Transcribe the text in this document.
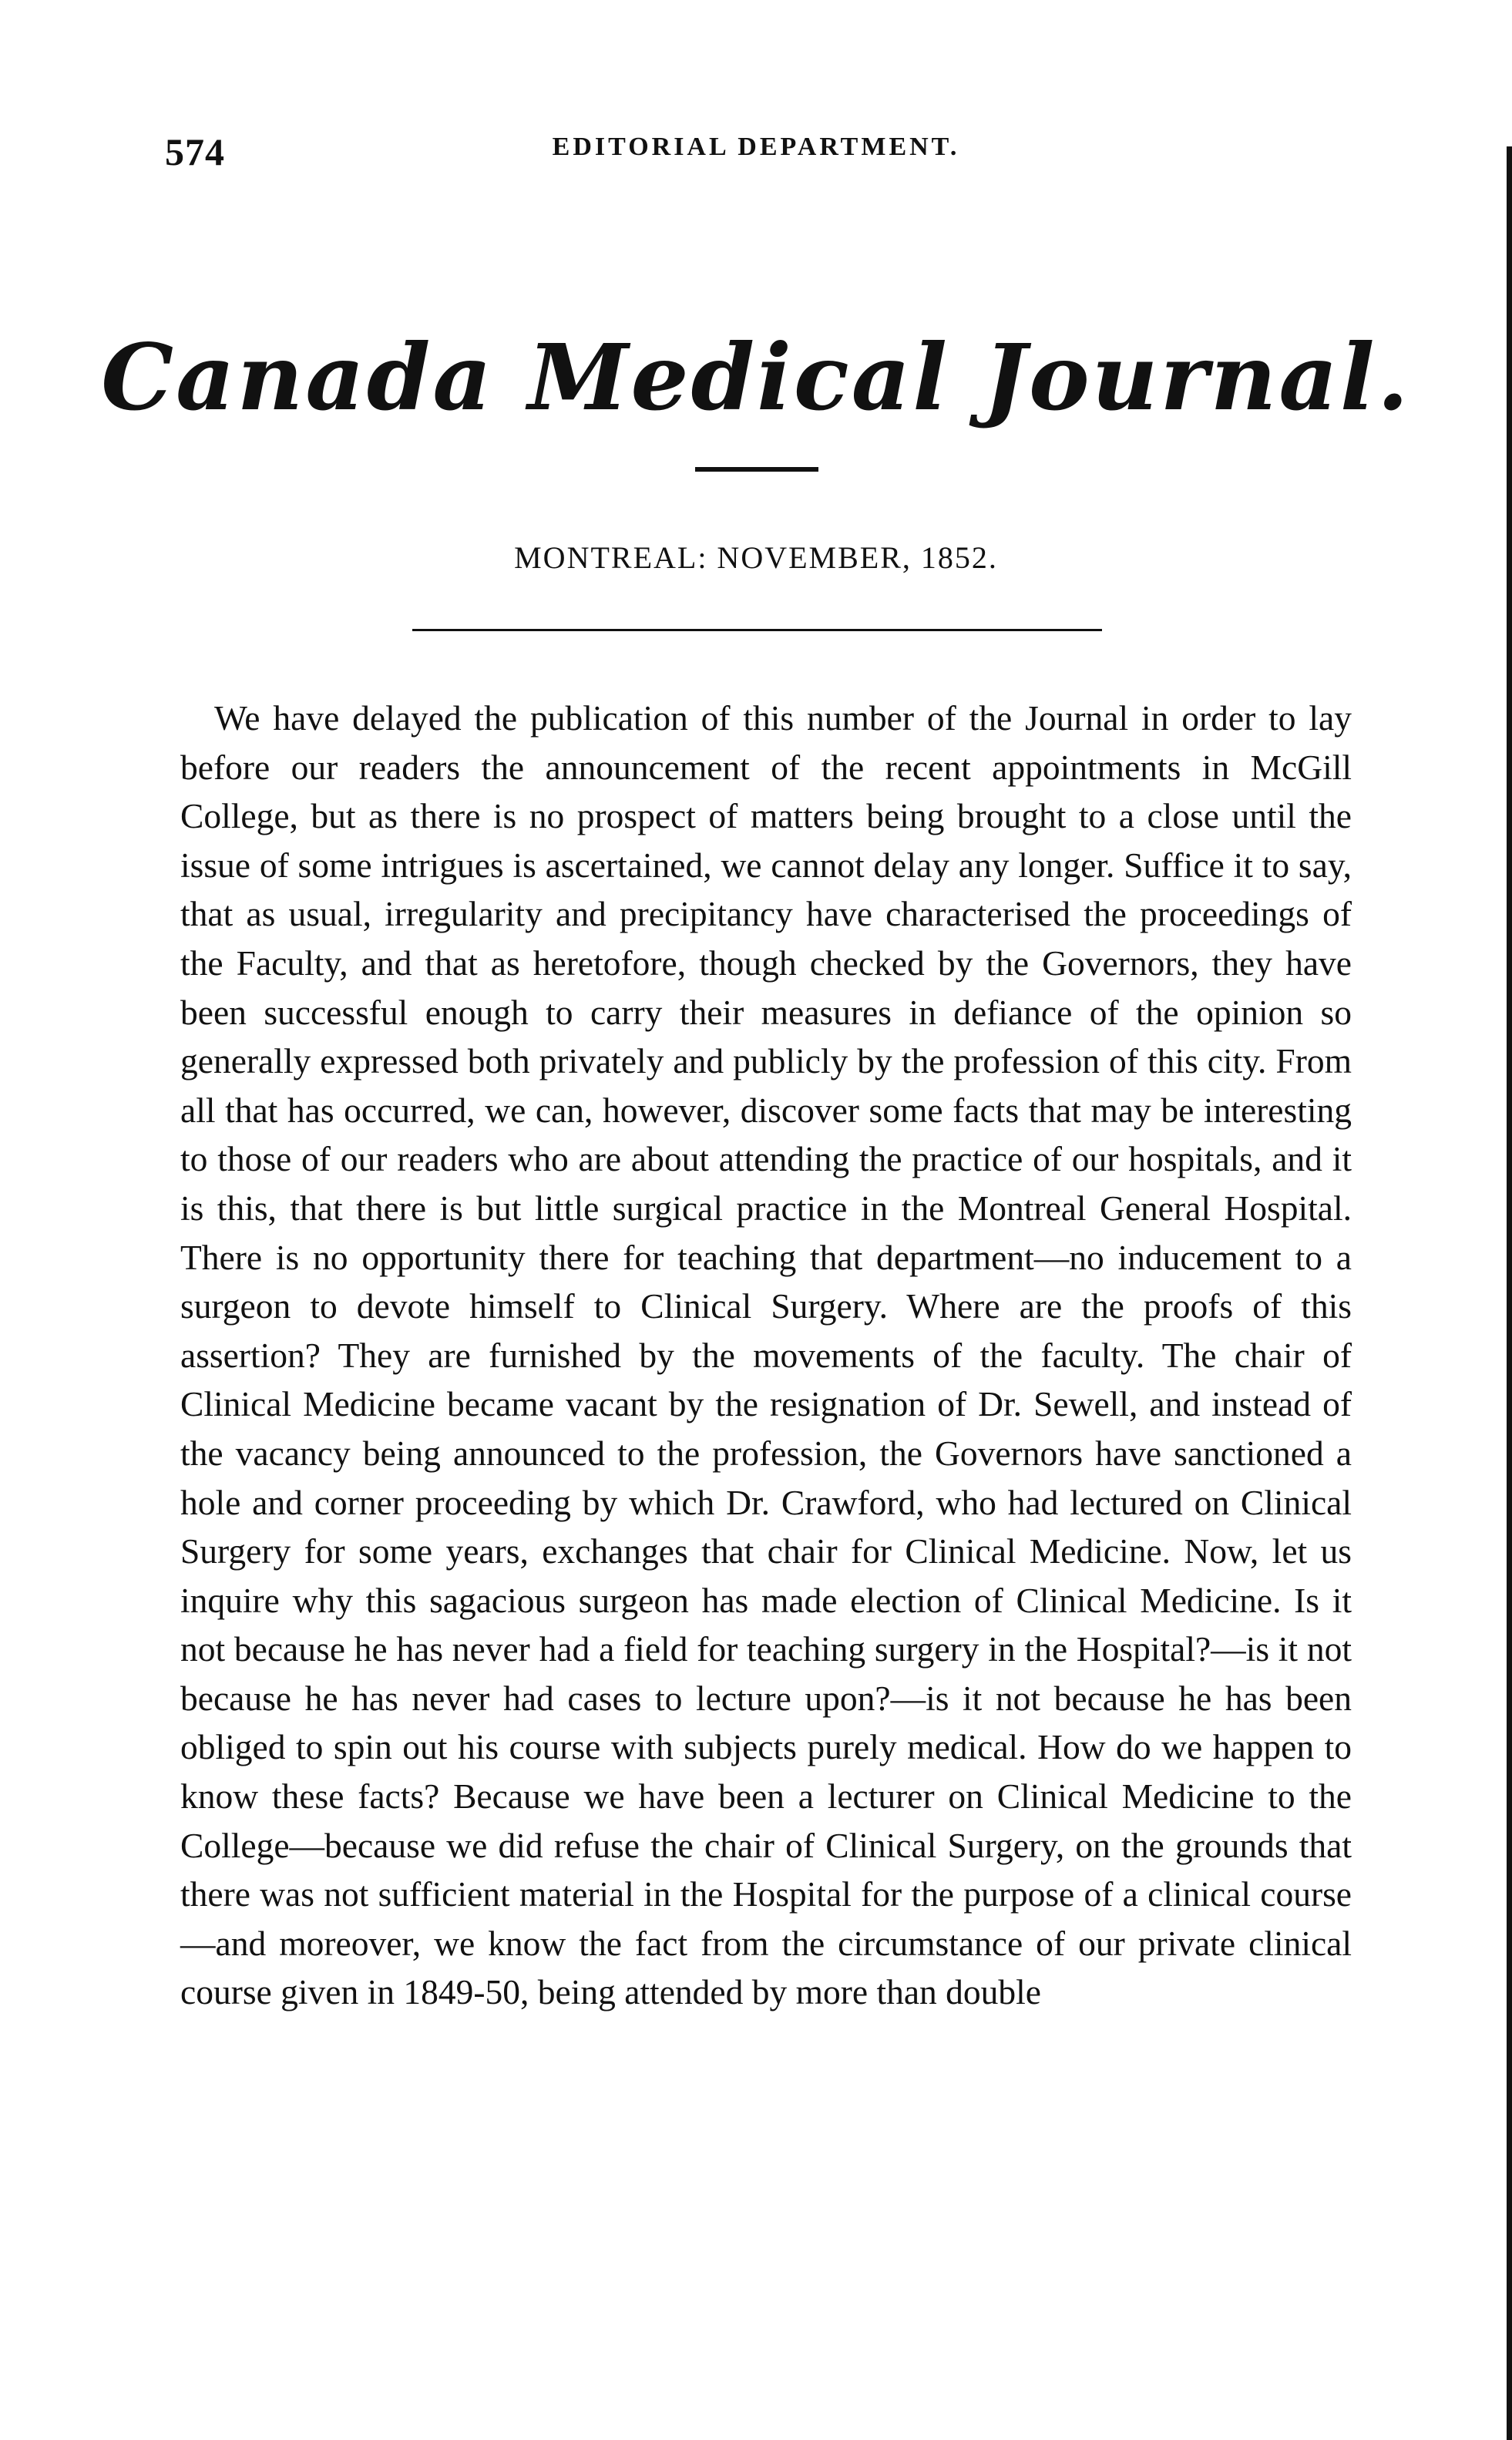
574	EDITORIAL DEPARTMENT.
Canada Medical Journal.
MONTREAL: NOVEMBER, 1852.

We have delayed the publication of this number of the Journal in order to lay before our readers the announcement of the recent appointments in McGill College, but as there is no prospect of matters being brought to a close until the issue of some intrigues is ascertained, we cannot delay any longer. Suffice it to say, that as usual, irregularity and precipitancy have characterised the proceedings of the Faculty, and that as heretofore, though checked by the Governors, they have been successful enough to carry their measures in defiance of the opinion so generally expressed both privately and publicly by the profession of this city. From all that has occurred, we can, however, discover some facts that may be interesting to those of our readers who are about attending the practice of our hospitals, and it is this, that there is but little surgical practice in the Montreal General Hospital. There is no opportunity there for teaching that department—no inducement to a surgeon to devote himself to Clinical Surgery. Where are the proofs of this assertion? They are furnished by the movements of the faculty. The chair of Clinical Medicine became vacant by the resignation of Dr. Sewell, and instead of the vacancy being announced to the profession, the Governors have sanctioned a hole and corner proceeding by which Dr. Crawford, who had lectured on Clinical Surgery for some years, exchanges that chair for Clinical Medicine. Now, let us inquire why this sagacious surgeon has made election of Clinical Medicine. Is it not because he has never had a field for teaching surgery in the Hospital?—is it not because he has never had cases to lecture upon?—is it not because he has been obliged to spin out his course with subjects purely medical. How do we happen to know these facts? Because we have been a lecturer on Clinical Medicine to the College—because we did refuse the chair of Clinical Surgery, on the grounds that there was not sufficient material in the Hospital for the purpose of a clinical course—and moreover, we know the fact from the circumstance of our private clinical course given in 1849-50, being attended by more than double
